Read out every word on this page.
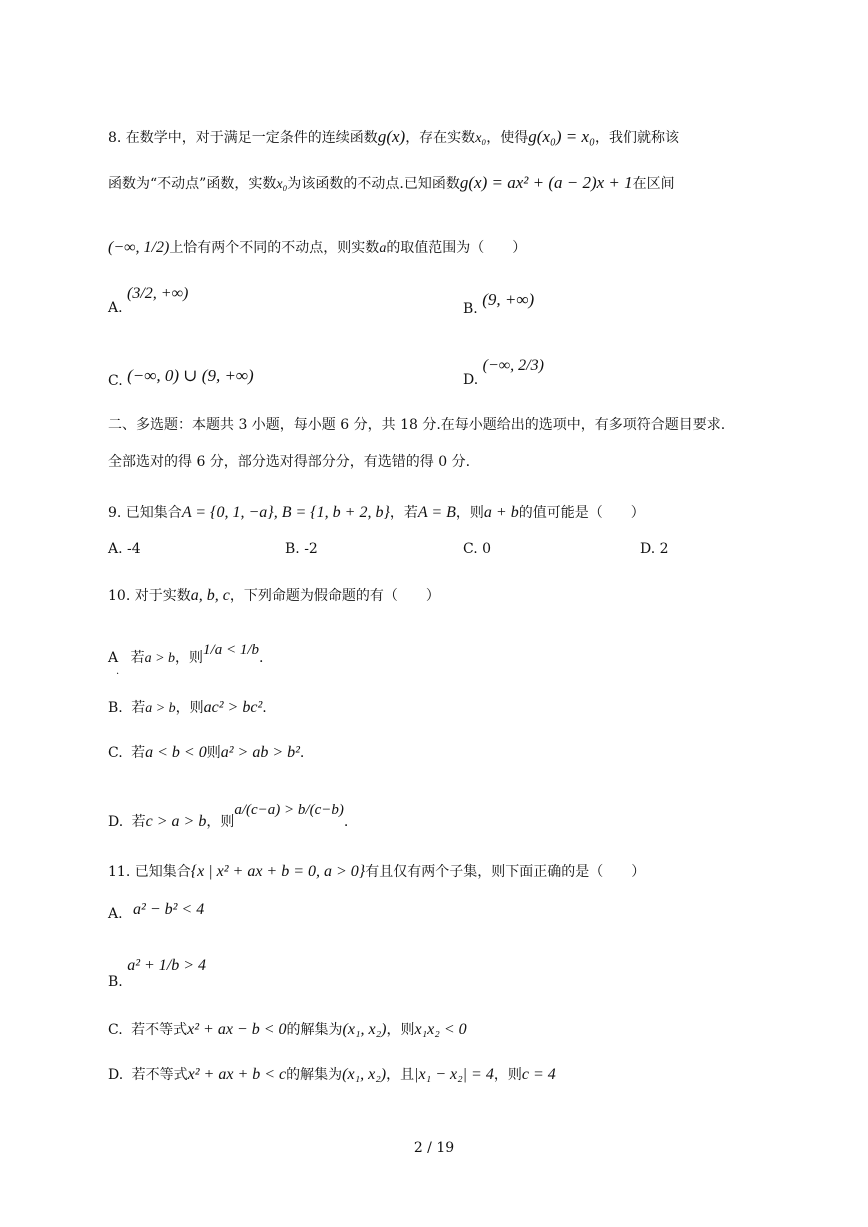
8. 在数学中，对于满足一定条件的连续函数g(x)，存在实数x₀，使得g(x₀) = x₀，我们就称该
函数为“不动点”函数，实数x₀为该函数的不动点.已知函数g(x) = ax² + (a − 2)x + 1在区间
(−∞, 1/2)上恰有两个不同的不动点，则实数a的取值范围为（　　）
A. (3/2, +∞)
B. (9, +∞)
C. (−∞, 0) ∪ (9, +∞)	D. (−∞, 2/3)
二、多选题：本题共 3 小题，每小题 6 分，共 18 分.在每小题给出的选项中，有多项符合题目要求.
全部选对的得 6 分，部分选对得部分分，有选错的得 0 分.
9. 已知集合A = {0, 1, −a}, B = {1, b + 2, b}，若A = B，则a + b的值可能是（　　）
A. -4	B. -2	C. 0	D. 2
10. 对于实数a, b, c，下列命题为假命题的有（　　）
A
.
若a > b，则1/a < 1/b.
B. 若a > b，则ac² > bc².
C. 若a < b < 0则a² > ab > b².
D. 若c > a > b，则a/(c−a) > b/(c−b).
11. 已知集合{x | x² + ax + b = 0, a > 0}有且仅有两个子集，则下面正确的是（　　）
A. a² − b² < 4
B. a² + 1/b > 4
C. 若不等式x² + ax − b < 0的解集为(x₁, x₂)，则x₁x₂ < 0
D. 若不等式x² + ax + b < c的解集为(x₁, x₂)，且|x₁ − x₂| = 4，则c = 4
2 / 19
